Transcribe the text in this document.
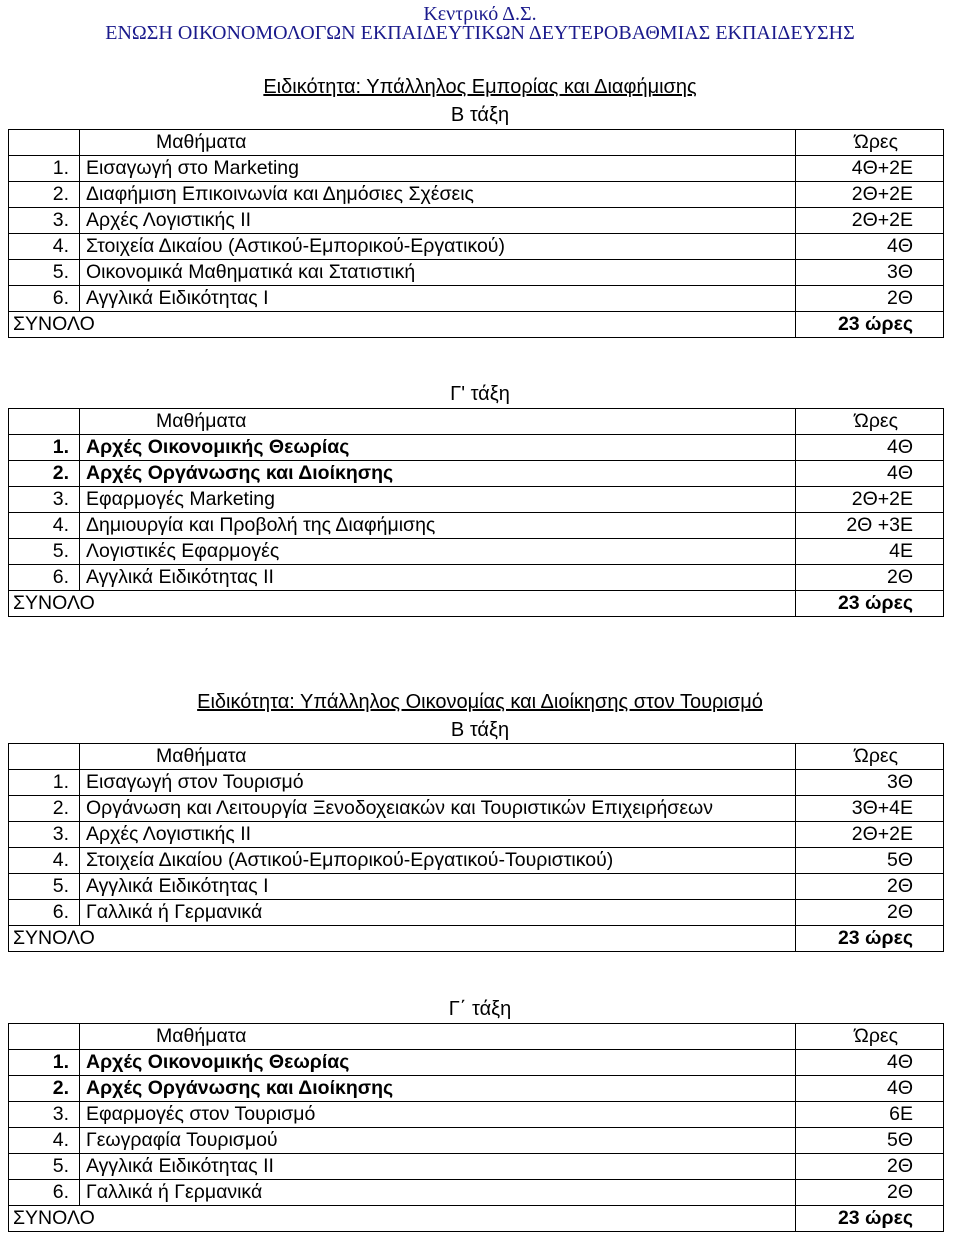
Κεντρικό Δ.Σ.
ΕΝΩΣΗ ΟΙΚΟΝΟΜΟΛΟΓΩΝ ΕΚΠΑΙΔΕΥΤΙΚΩΝ ΔΕΥΤΕΡΟΒΑΘΜΙΑΣ ΕΚΠΑΙΔΕΥΣΗΣ
Ειδικότητα: Υπάλληλος Εμπορίας και Διαφήμισης
Β τάξη
	Μαθήματα	Ώρες
1.	Εισαγωγή στο Marketing	4Θ+2Ε
2.	Διαφήμιση Επικοινωνία και Δημόσιες Σχέσεις	2Θ+2Ε
3.	Αρχές Λογιστικής ΙΙ	2Θ+2Ε
4.	Στοιχεία Δικαίου (Αστικού-Εμπορικού-Εργατικού)	4Θ
5.	Οικονομικά Μαθηματικά και Στατιστική	3Θ
6.	Αγγλικά Ειδικότητας Ι	2Θ
ΣΥΝΟΛΟ		23 ώρες
Γ' τάξη
	Μαθήματα	Ώρες
1.	Αρχές Οικονομικής Θεωρίας	4Θ
2.	Αρχές Οργάνωσης και Διοίκησης	4Θ
3.	Εφαρμογές Marketing	2Θ+2Ε
4.	Δημιουργία και Προβολή της Διαφήμισης	2Θ +3Ε
5.	Λογιστικές Εφαρμογές	4Ε
6.	Αγγλικά Ειδικότητας ΙΙ	2Θ
ΣΥΝΟΛΟ		23 ώρες
Ειδικότητα: Υπάλληλος Οικονομίας και Διοίκησης στον Τουρισμό
Β τάξη
	Μαθήματα	Ώρες
1.	Εισαγωγή στον Τουρισμό	3Θ
2.	Οργάνωση και Λειτουργία Ξενοδοχειακών και Τουριστικών Επιχειρήσεων	3Θ+4Ε
3.	Αρχές Λογιστικής ΙΙ	2Θ+2Ε
4.	Στοιχεία Δικαίου (Αστικού-Εμπορικού-Εργατικού-Τουριστικού)	5Θ
5.	Αγγλικά Ειδικότητας Ι	2Θ
6.	Γαλλικά ή Γερμανικά	2Θ
ΣΥΝΟΛΟ		23 ώρες
Γ΄ τάξη
	Μαθήματα	Ώρες
1.	Αρχές Οικονομικής Θεωρίας	4Θ
2.	Αρχές Οργάνωσης και Διοίκησης	4Θ
3.	Εφαρμογές στον Τουρισμό	6Ε
4.	Γεωγραφία Τουρισμού	5Θ
5.	Αγγλικά Ειδικότητας ΙΙ	2Θ
6.	Γαλλικά ή Γερμανικά	2Θ
ΣΥΝΟΛΟ		23 ώρες
